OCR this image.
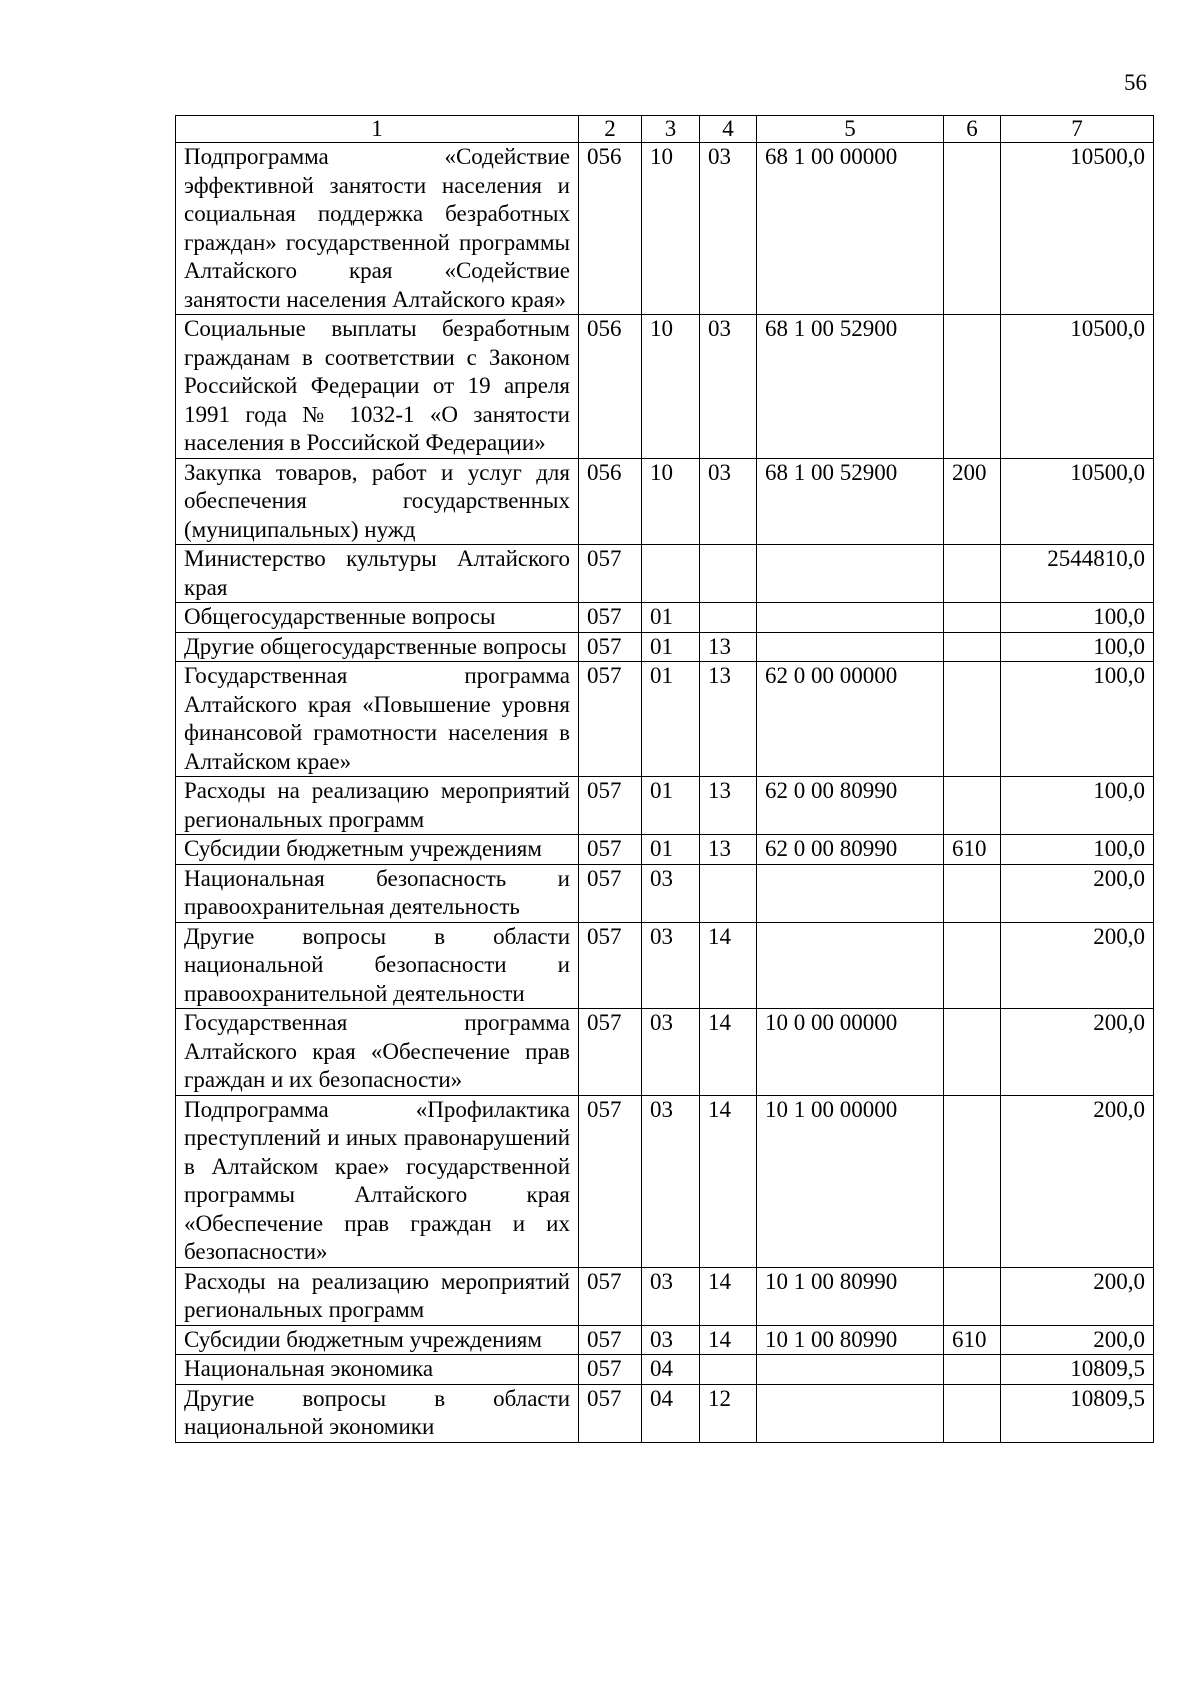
56
1	2	3	4	5	6	7
Подпрограмма «Содействие эффективной занятости населения и социальная поддержка безработных граждан» государственной программы Алтайского края «Содействие занятости населения Алтайского края»	056	10	03	68 1 00 00000		10500,0
Социальные выплаты безработным гражданам в соответствии с Законом Российской Федерации от 19 апреля 1991 года № 1032-1 «О занятости населения в Российской Федерации»	056	10	03	68 1 00 52900		10500,0
Закупка товаров, работ и услуг для обеспечения государственных (муниципальных) нужд	056	10	03	68 1 00 52900	200	10500,0
Министерство культуры Алтайского края	057					2544810,0
Общегосударственные вопросы	057	01				100,0
Другие общегосударственные вопросы	057	01	13			100,0
Государственная программа Алтайского края «Повышение уровня финансовой грамотности населения в Алтайском крае»	057	01	13	62 0 00 00000		100,0
Расходы на реализацию мероприятий региональных программ	057	01	13	62 0 00 80990		100,0
Субсидии бюджетным учреждениям	057	01	13	62 0 00 80990	610	100,0
Национальная безопасность и правоохранительная деятельность	057	03				200,0
Другие вопросы в области национальной безопасности и правоохранительной деятельности	057	03	14			200,0
Государственная программа Алтайского края «Обеспечение прав граждан и их безопасности»	057	03	14	10 0 00 00000		200,0
Подпрограмма «Профилактика преступлений и иных правонарушений в Алтайском крае» государственной программы Алтайского края «Обеспечение прав граждан и их безопасности»	057	03	14	10 1 00 00000		200,0
Расходы на реализацию мероприятий региональных программ	057	03	14	10 1 00 80990		200,0
Субсидии бюджетным учреждениям	057	03	14	10 1 00 80990	610	200,0
Национальная экономика	057	04				10809,5
Другие вопросы в области национальной экономики	057	04	12			10809,5
